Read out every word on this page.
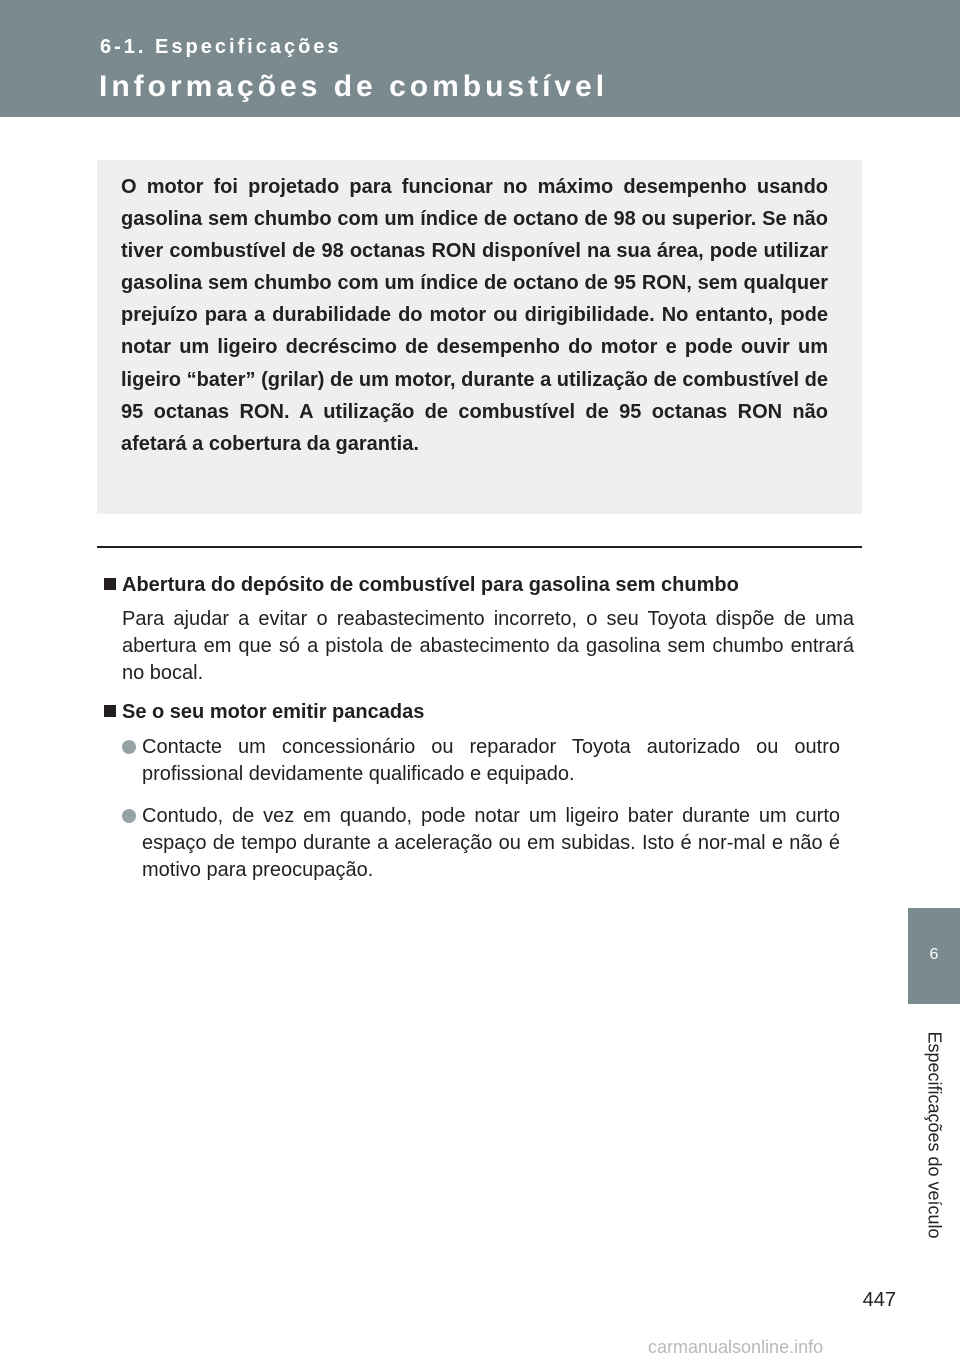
6-1. Especificações
Informações de combustível

O motor foi projetado para funcionar no máximo desempenho usando gasolina sem chumbo com um índice de octano de 98 ou superior. Se não tiver combustível de 98 octanas RON disponível na sua área, pode utilizar gasolina sem chumbo com um índice de octano de 95 RON, sem qualquer prejuízo para a durabilidade do motor ou dirigibilidade. No entanto, pode notar um ligeiro decréscimo de desempenho do motor e pode ouvir um ligeiro “bater” (grilar) de um motor, durante a utilização de combustível de 95 octanas RON. A utilização de combustível de 95 octanas RON não afetará a cobertura da garantia.

Abertura do depósito de combustível para gasolina sem chumbo

Para ajudar a evitar o reabastecimento incorreto, o seu Toyota dispõe de uma abertura em que só a pistola de abastecimento da gasolina sem chumbo entrará no bocal.

Se o seu motor emitir pancadas

Contacte um concessionário ou reparador Toyota autorizado ou outro profissional devidamente qualificado e equipado.

Contudo, de vez em quando, pode notar um ligeiro bater durante um curto espaço de tempo durante a aceleração ou em subidas. Isto é nor-mal e não é motivo para preocupação.

6
Especificações do veículo
447
carmanualsonline.info
